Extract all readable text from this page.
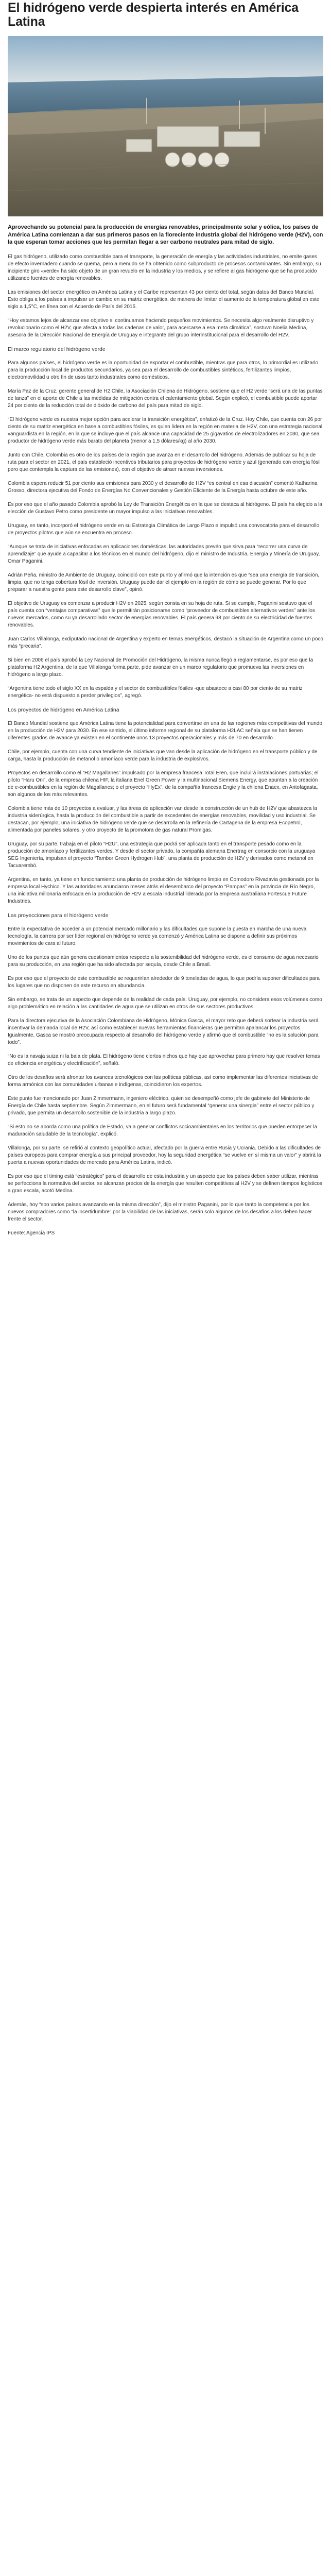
El hidrógeno verde despierta interés en América Latina

Aprovechando su potencial para la producción de energías renovables, principalmente solar y eólica, los países de América Latina comienzan a dar sus primeros pasos en la floreciente industria global del hidrógeno verde (H2V), con la que esperan tomar acciones que les permitan llegar a ser carbono neutrales para mitad de siglo.

El gas hidrógeno, utilizado como combustible para el transporte, la generación de energía y las actividades industriales, no emite gases de efecto invernadero cuando se quema, pero a menudo se ha obtenido como subproducto de procesos contaminantes. Sin embargo, su incipiente giro «verde» ha sido objeto de un gran revuelo en la industria y los medios, y se refiere al gas hidrógeno que se ha producido utilizando fuentes de energía renovables.

Las emisiones del sector energético en América Latina y el Caribe representan 43 por ciento del total, según datos del Banco Mundial. Esto obliga a los países a impulsar un cambio en su matriz energética, de manera de limitar el aumento de la temperatura global en este siglo a 1,5°C, en línea con el Acuerdo de París del 2015.

“Hoy estamos lejos de alcanzar ese objetivo si continuamos haciendo pequeños movimientos. Se necesita algo realmente disruptivo y revolucionario como el H2V, que afecta a todas las cadenas de valor, para acercarse a esa meta climática”, sostuvo Noelia Medina, asesora de la Dirección Nacional de Energía de Uruguay e integrante del grupo interinstitucional para el desarrollo del H2V.

El marco regulatorio del hidrógeno verde

Para algunos países, el hidrógeno verde es la oportunidad de exportar el combustible, mientras que para otros, lo primordial es utilizarlo para la producción local de productos secundarios, ya sea para el desarrollo de combustibles sintéticos, fertilizantes limpios, electromovilidad u otro fin de usos tanto industriales como domésticos.

María Paz de la Cruz, gerente general de H2 Chile, la Asociación Chilena de Hidrógeno, sostiene que el H2 verde “será una de las puntas de lanza” en el aporte de Chile a las medidas de mitigación contra el calentamiento global. Según explicó, el combustible puede aportar 24 por ciento de la reducción total de dióxido de carbono del país para mitad de siglo.

“El hidrógeno verde es nuestra mejor opción para acelerar la transición energética”, enfatizó de la Cruz. Hoy Chile, que cuenta con 26 por ciento de su matriz energética en base a combustibles fósiles, es quien lidera en la región en materia de H2V, con una estrategia nacional vanguardista en la región, en la que se incluye que el país alcance una capacidad de 25 gigavatios de electrolizadores en 2030, que sea productor de hidrógeno verde más barato del planeta (menor a 1,5 dólares/kg) al año 2030.

Junto con Chile, Colombia es otro de los países de la región que avanza en el desarrollo del hidrógeno. Además de publicar su hoja de ruta para el sector en 2021, el país estableció incentivos tributarios para proyectos de hidrógeno verde y azul (generado con energía fósil pero que contempla la captura de las emisiones), con el objetivo de atraer nuevas inversiones.

Colombia espera reducir 51 por ciento sus emisiones para 2030 y el desarrollo de H2V “es central en esa discusión” comentó Katharina Grosso, directora ejecutiva del Fondo de Energías No Convencionales y Gestión Eficiente de la Energía hasta octubre de este año.

Es por eso que el año pasado Colombia aprobó la Ley de Transición Energética en la que se destaca al hidrógeno. El país ha elegido a la elección de Gustavo Petro como presidente un mayor impulso a las iniciativas renovables.

Uruguay, en tanto, incorporó el hidrógeno verde en su Estrategia Climática de Largo Plazo e impulsó una convocatoria para el desarrollo de proyectos pilotos que aún se encuentra en proceso.

“Aunque se trata de iniciativas enfocadas en aplicaciones domésticas, las autoridades prevén que sirva para “recorrer una curva de aprendizaje” que ayude a capacitar a los técnicos en el mundo del hidrógeno, dijo el ministro de Industria, Energía y Minería de Uruguay, Omar Paganini.

Adrián Peña, ministro de Ambiente de Uruguay, coincidió con este punto y afirmó que la intención es que “sea una energía de transición, limpia, que no tenga cobertura fósil de inversión. Uruguay puede dar el ejemplo en la región de cómo se puede generar. Por lo que preparar a nuestra gente para este desarrollo clave”, opinó.

El objetivo de Uruguay es comenzar a producir H2V en 2025, según consta en su hoja de ruta. Si se cumple, Paganini sostuvo que el país cuenta con “ventajas comparativas” que le permitirán posicionarse como “proveedor de combustibles alternativos verdes” ante los nuevos mercados, como su ya desarrollado sector de energías renovables. El país genera 98 por ciento de su electricidad de fuentes renovables.

Juan Carlos Villalonga, exdiputado nacional de Argentina y experto en temas energéticos, destacó la situación de Argentina como un poco más “precaria”.

Si bien en 2006 el país aprobó la Ley Nacional de Promoción del Hidrógeno, la misma nunca llegó a reglamentarse, es por eso que la plataforma H2 Argentina, de la que Villalonga forma parte, pide avanzar en un marco regulatorio que promueva las inversiones en hidrógeno a largo plazo.

“Argentina tiene todo el siglo XX en la espalda y el sector de combustibles fósiles -que abastece a casi 80 por ciento de su matriz energética- no está dispuesto a perder privilegios”, agregó.

Los proyectos de hidrógeno en América Latina

El Banco Mundial sostiene que América Latina tiene la potencialidad para convertirse en una de las regiones más competitivas del mundo en la producción de H2V para 2030. En ese sentido, el último informe regional de su plataforma H2LAC señala que se han tienen diferentes grados de avance ya existen en el continente unos 13 proyectos operacionales y más de 70 en desarrollo.

Chile, por ejemplo, cuenta con una curva tendiente de iniciativas que van desde la aplicación de hidrógeno en el transporte público y de carga, hasta la producción de metanol o amoníaco verde para la industria de explosivos.

Proyectos en desarrollo como el “H2 Magallanes” impulsado por la empresa francesa Total Eren, que incluirá instalaciones portuarias; el piloto “Haru Oni”, de la empresa chilena HIF, la italiana Enel Green Power y la multinacional Siemens Energy, que apuntan a la creación de e-combustibles en la región de Magallanes; o el proyecto “HyEx”, de la compañía francesa Engie y la chilena Enaex, en Antofagasta, son algunos de los más relevantes.

Colombia tiene más de 10 proyectos a evaluar, y las áreas de aplicación van desde la construcción de un hub de H2V que abastezca la industria siderúrgica, hasta la producción del combustible a partir de excedentes de energías renovables, movilidad y uso industrial. Se destacan, por ejemplo, una iniciativa de hidrógeno verde que se desarrolla en la refinería de Cartagena de la empresa Ecopetrol, alimentada por paneles solares, y otro proyecto de la promotora de gas natural Promigas.

Uruguay, por su parte, trabaja en el piloto “H2U”, una estrategia que podrá ser aplicada tanto en el transporte pesado como en la producción de amoníaco y fertilizantes verdes. Y desde el sector privado, la compañía alemana Enertrag en consorcio con la uruguaya SEG Ingeniería, impulsan el proyecto “Tambor Green Hydrogen Hub”, una planta de producción de H2V y derivados como metanol en Tacuarembó.

Argentina, en tanto, ya tiene en funcionamiento una planta de producción de hidrógeno limpio en Comodoro Rivadavia gestionada por la empresa local Hychico. Y las autoridades anunciaron meses atrás el desembarco del proyecto “Pampas” en la provincia de Río Negro, una iniciativa millonaria enfocada en la producción de H2V a escala industrial liderada por la empresa australiana Fortescue Future Industries.

Las proyecciones para el hidrógeno verde

Entre la expectativa de acceder a un potencial mercado millonario y las dificultades que supone la puesta en marcha de una nueva tecnología, la carrera por ser líder regional en hidrógeno verde ya comenzó y América Latina se dispone a definir sus próximos movimientos de cara al futuro.

Uno de los puntos que aún genera cuestionamientos respecto a la sostenibilidad del hidrógeno verde, es el consumo de agua necesario para su producción, en una región que ha sido afectada por sequía, desde Chile a Brasil.

Es por eso que el proyecto de este combustible se requerirían alrededor de 9 toneladas de agua, lo que podría suponer dificultades para los lugares que no disponen de este recurso en abundancia.

Sin embargo, se trata de un aspecto que depende de la realidad de cada país. Uruguay, por ejemplo, no considera esos volúmenes como algo problemático en relación a las cantidades de agua que se utilizan en otros de sus sectores productivos.

Para la directora ejecutiva de la Asociación Colombiana de Hidrógeno, Mónica Gasca, el mayor reto que deberá sortear la industria será incentivar la demanda local de H2V, así como establecer nuevas herramientas financieras que permitan apalancar los proyectos. Igualmente, Gasca se mostró preocupada respecto al desarrollo del hidrógeno verde y afirmó que el combustible “no es la solución para todo”.

“No es la navaja suiza ni la bala de plata. El hidrógeno tiene ciertos nichos que hay que aprovechar para primero hay que resolver temas de eficiencia energética y electrificación”, señaló.

Otro de los desafíos será afrontar los avances tecnológicos con las políticas públicas, así como implementar las diferentes iniciativas de forma armónica con las comunidades urbanas e indígenas, coincidieron los expertos.

Este punto fue mencionado por Juan Zimmermann, ingeniero eléctrico, quien se desempeñó como jefe de gabinete del Ministerio de Energía de Chile hasta septiembre. Según Zimmermann, en el futuro será fundamental “generar una sinergia” entre el sector público y privado, que permita un desarrollo sostenible de la industria a largo plazo.

“Si esto no se aborda como una política de Estado, va a generar conflictos socioambientales en los territorios que pueden entorpecer la maduración saludable de la tecnología”, explicó.

Villalonga, por su parte, se refirió al contexto geopolítico actual, afectado por la guerra entre Rusia y Ucrania. Debido a las dificultades de países europeos para comprar energía a sus principal proveedor, hoy la seguridad energética “se vuelve en sí misma un valor” y abrirá la puerta a nuevas oportunidades de mercado para América Latina, indicó.

Es por eso que el timing está “estratégico” para el desarrollo de esta industria y un aspecto que los países deben saber utilizar, mientras se perfecciona la normativa del sector, se alcanzan precios de la energía que resulten competitivas al H2V y se definen tiempos logísticos a gran escala, acotó Medina.

Además, hoy “son varios países avanzando en la misma dirección”, dijo el ministro Paganini, por lo que tanto la competencia por los nuevos compradores como “la incertidumbre” por la viabilidad de las iniciativas, serán solo algunos de los desafíos a los deben hacer frente el sector.

Fuente: Agencia IPS
